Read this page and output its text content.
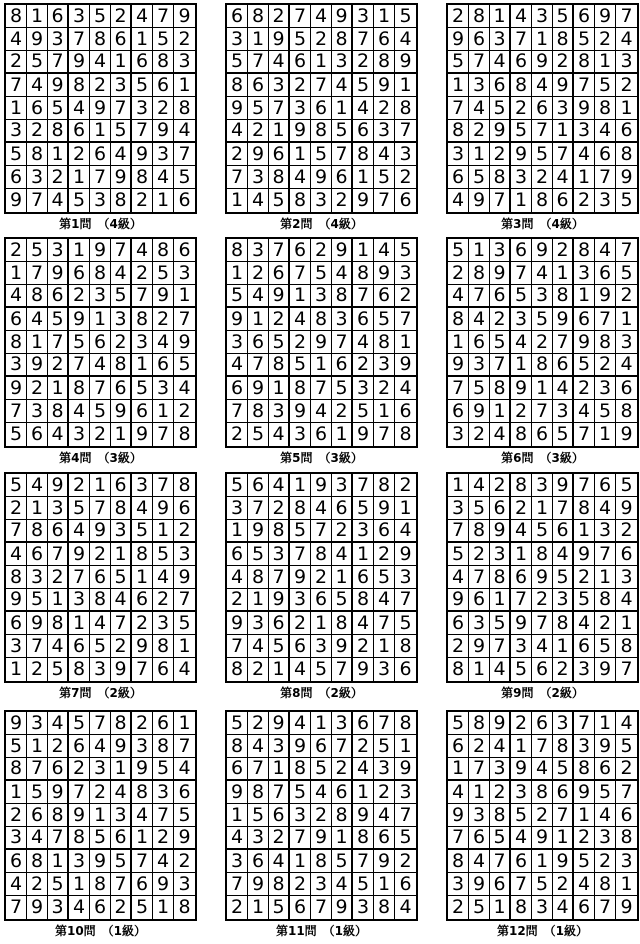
8 1 6 3 5 2 4 7 9
4 9 3 7 8 6 1 5 2
2 5 7 9 4 1 6 8 3
7 4 9 8 2 3 5 6 1
1 6 5 4 9 7 3 2 8
3 2 8 6 1 5 7 9 4
5 8 1 2 6 4 9 3 7
6 3 2 1 7 9 8 4 5
9 7 4 5 3 8 2 1 6
第1問　（4級）
6 8 2 7 4 9 3 1 5
3 1 9 5 2 8 7 6 4
5 7 4 6 1 3 2 8 9
8 6 3 2 7 4 5 9 1
9 5 7 3 6 1 4 2 8
4 2 1 9 8 5 6 3 7
2 9 6 1 5 7 8 4 3
7 3 8 4 9 6 1 5 2
1 4 5 8 3 2 9 7 6
第2問　（4級）
2 8 1 4 3 5 6 9 7
9 6 3 7 1 8 5 2 4
5 7 4 6 9 2 8 1 3
1 3 6 8 4 9 7 5 2
7 4 5 2 6 3 9 8 1
8 2 9 5 7 1 3 4 6
3 1 2 9 5 7 4 6 8
6 5 8 3 2 4 1 7 9
4 9 7 1 8 6 2 3 5
第3問　（4級）
2 5 3 1 9 7 4 8 6
1 7 9 6 8 4 2 5 3
4 8 6 2 3 5 7 9 1
6 4 5 9 1 3 8 2 7
8 1 7 5 6 2 3 4 9
3 9 2 7 4 8 1 6 5
9 2 1 8 7 6 5 3 4
7 3 8 4 5 9 6 1 2
5 6 4 3 2 1 9 7 8
第4問　（3級）
8 3 7 6 2 9 1 4 5
1 2 6 7 5 4 8 9 3
5 4 9 1 3 8 7 6 2
9 1 2 4 8 3 6 5 7
3 6 5 2 9 7 4 8 1
4 7 8 5 1 6 2 3 9
6 9 1 8 7 5 3 2 4
7 8 3 9 4 2 5 1 6
2 5 4 3 6 1 9 7 8
第5問　（3級）
5 1 3 6 9 2 8 4 7
2 8 9 7 4 1 3 6 5
4 7 6 5 3 8 1 9 2
8 4 2 3 5 9 6 7 1
1 6 5 4 2 7 9 8 3
9 3 7 1 8 6 5 2 4
7 5 8 9 1 4 2 3 6
6 9 1 2 7 3 4 5 8
3 2 4 8 6 5 7 1 9
第6問　（3級）
5 4 9 2 1 6 3 7 8
2 1 3 5 7 8 4 9 6
7 8 6 4 9 3 5 1 2
4 6 7 9 2 1 8 5 3
8 3 2 7 6 5 1 4 9
9 5 1 3 8 4 6 2 7
6 9 8 1 4 7 2 3 5
3 7 4 6 5 2 9 8 1
1 2 5 8 3 9 7 6 4
第7問　（2級）
5 6 4 1 9 3 7 8 2
3 7 2 8 4 6 5 9 1
1 9 8 5 7 2 3 6 4
6 5 3 7 8 4 1 2 9
4 8 7 9 2 1 6 5 3
2 1 9 3 6 5 8 4 7
9 3 6 2 1 8 4 7 5
7 4 5 6 3 9 2 1 8
8 2 1 4 5 7 9 3 6
第8問　（2級）
1 4 2 8 3 9 7 6 5
3 5 6 2 1 7 8 4 9
7 8 9 4 5 6 1 3 2
5 2 3 1 8 4 9 7 6
4 7 8 6 9 5 2 1 3
9 6 1 7 2 3 5 8 4
6 3 5 9 7 8 4 2 1
2 9 7 3 4 1 6 5 8
8 1 4 5 6 2 3 9 7
第9問　（2級）
9 3 4 5 7 8 2 6 1
5 1 2 6 4 9 3 8 7
8 7 6 2 3 1 9 5 4
1 5 9 7 2 4 8 3 6
2 6 8 9 1 3 4 7 5
3 4 7 8 5 6 1 2 9
6 8 1 3 9 5 7 4 2
4 2 5 1 8 7 6 9 3
7 9 3 4 6 2 5 1 8
第10問　（1級）
5 2 9 4 1 3 6 7 8
8 4 3 9 6 7 2 5 1
6 7 1 8 5 2 4 3 9
9 8 7 5 4 6 1 2 3
1 5 6 3 2 8 9 4 7
4 3 2 7 9 1 8 6 5
3 6 4 1 8 5 7 9 2
7 9 8 2 3 4 5 1 6
2 1 5 6 7 9 3 8 4
第11問　（1級）
5 8 9 2 6 3 7 1 4
6 2 4 1 7 8 3 9 5
1 7 3 9 4 5 8 6 2
4 1 2 3 8 6 9 5 7
9 3 8 5 2 7 1 4 6
7 6 5 4 9 1 2 3 8
8 4 7 6 1 9 5 2 3
3 9 6 7 5 2 4 8 1
2 5 1 8 3 4 6 7 9
第12問　（1級）
